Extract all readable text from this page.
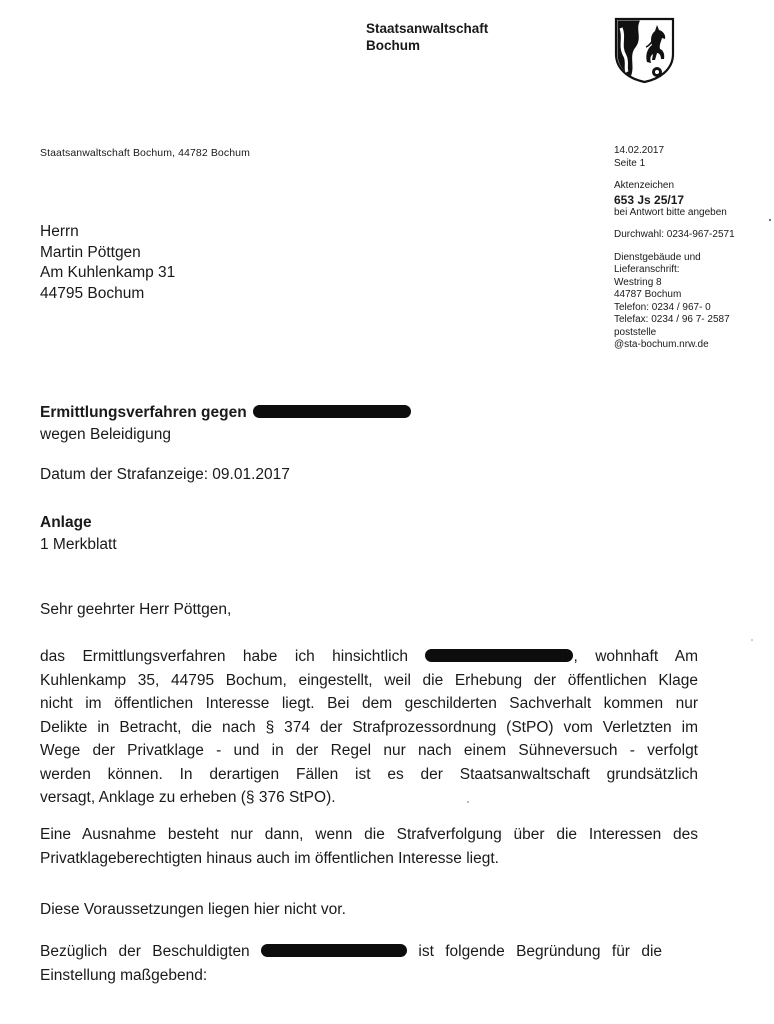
Staatsanwaltschaft
Bochum
Staatsanwaltschaft Bochum, 44782 Bochum
Herrn
Martin Pöttgen
Am Kuhlenkamp 31
44795 Bochum
14.02.2017
Seite 1
Aktenzeichen
653 Js 25/17
bei Antwort bitte angeben
Durchwahl: 0234-967-2571
Dienstgebäude und
Lieferanschrift:
Westring 8
44787 Bochum
Telefon: 0234 / 967- 0
Telefax: 0234 / 96 7- 2587
poststelle
@sta-bochum.nrw.de
Ermittlungsverfahren gegen
wegen Beleidigung
Datum der Strafanzeige: 09.01.2017
Anlage
1 Merkblatt
Sehr geehrter Herr Pöttgen,
das Ermittlungsverfahren habe ich hinsichtlich	, wohnhaft Am
Kuhlenkamp 35, 44795 Bochum, eingestellt, weil die Erhebung der öffentlichen Klage
nicht im öffentlichen Interesse liegt. Bei dem geschilderten Sachverhalt kommen nur
Delikte in Betracht, die nach § 374 der Strafprozessordnung (StPO) vom Verletzten im
Wege der Privatklage - und in der Regel nur nach einem Sühneversuch - verfolgt
werden können. In derartigen Fällen ist es der Staatsanwaltschaft grundsätzlich
versagt, Anklage zu erheben (§ 376 StPO).
Eine Ausnahme besteht nur dann, wenn die Strafverfolgung über die Interessen des
Privatklageberechtigten hinaus auch im öffentlichen Interesse liegt.
Diese Voraussetzungen liegen hier nicht vor.
Bezüglich der Beschuldigten	ist folgende Begründung für die
Einstellung maßgebend:
